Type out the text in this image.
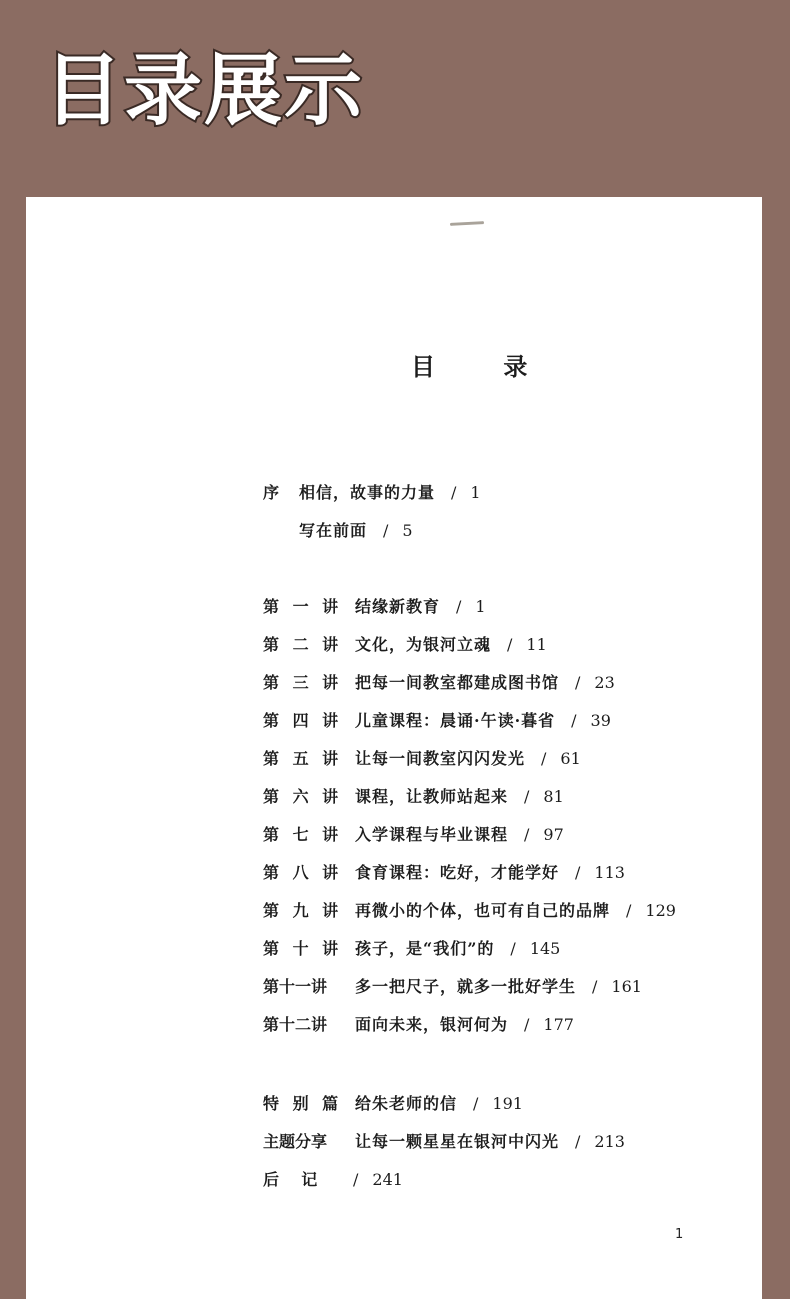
目录展示
目 录
序 相信，故事的力量 / 1
写在前面 / 5
第 一 讲 结缘新教育 / 1
第 二 讲 文化，为银河立魂 / 11
第 三 讲 把每一间教室都建成图书馆 / 23
第 四 讲 儿童课程：晨诵·午读·暮省 / 39
第 五 讲 让每一间教室闪闪发光 / 61
第 六 讲 课程，让教师站起来 / 81
第 七 讲 入学课程与毕业课程 / 97
第 八 讲 食育课程：吃好，才能学好 / 113
第 九 讲 再微小的个体，也可有自己的品牌 / 129
第 十 讲 孩子，是“我们”的 / 145
第十一讲 多一把尺子，就多一批好学生 / 161
第十二讲 面向未来，银河何为 / 177
特 别 篇 给朱老师的信 / 191
主题分享 让每一颗星星在银河中闪光 / 213
后    记 / 241
1
